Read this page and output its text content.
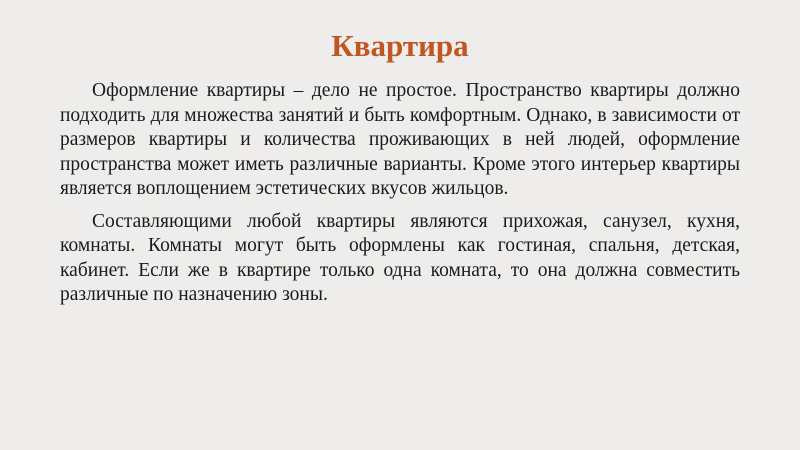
Квартира

Оформление квартиры – дело не простое. Пространство квартиры должно подходить для множества занятий и быть комфортным. Однако, в зависимости от размеров квартиры и количества проживающих в ней людей, оформление пространства может иметь различные варианты. Кроме этого интерьер квартиры является воплощением эстетических вкусов жильцов.

Составляющими любой квартиры являются прихожая, санузел, кухня, комнаты. Комнаты могут быть оформлены как гостиная, спальня, детская, кабинет. Если же в квартире только одна комната, то она должна совместить различные по назначению зоны.
